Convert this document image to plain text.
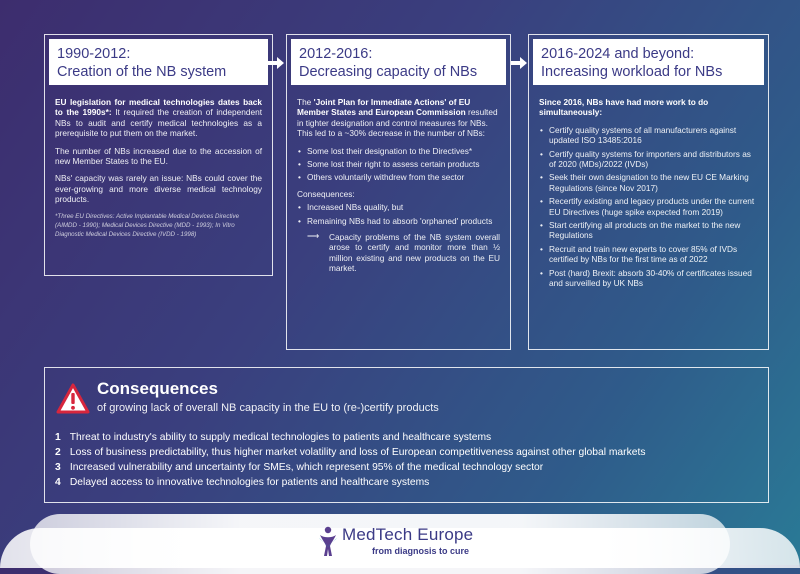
1990-2012:
Creation of the NB system

EU legislation for medical technologies dates back to the 1990s*: It required the creation of independent NBs to audit and certify medical technologies as a prerequisite to put them on the market.

The number of NBs increased due to the accession of new Member States to the EU.

NBs' capacity was rarely an issue: NBs could cover the ever-growing and more diverse medical technology products.

*Three EU Directives: Active Implantable Medical Devices Directive (AIMDD - 1990); Medical Devices Directive (MDD - 1993); In Vitro Diagnostic Medical Devices Directive (IVDD - 1998)

2012-2016:
Decreasing capacity of NBs

The 'Joint Plan for Immediate Actions' of EU Member States and European Commission resulted in tighter designation and control measures for NBs. This led to a ~30% decrease in the number of NBs:

• Some lost their designation to the Directives*
• Some lost their right to assess certain products
• Others voluntarily withdrew from the sector
Consequences:
• Increased NBs quality, but
• Remaining NBs had to absorb 'orphaned' products
⟶ Capacity problems of the NB system overall arose to certify and monitor more than ½ million existing and new products on the EU market.
2016-2024 and beyond:
Increasing workload for NBs

Since 2016, NBs have had more work to do simultaneously:

• Certify quality systems of all manufacturers against updated ISO 13485:2016
• Certify quality systems for importers and distributors as of 2020 (MDs)/2022 (IVDs)
• Seek their own designation to the new EU CE Marking Regulations (since Nov 2017)
• Recertify existing and legacy products under the current EU Directives (huge spike expected from 2019)
• Start certifying all products on the market to the new Regulations
• Recruit and train new experts to cover 85% of IVDs certified by NBs for the first time as of 2022
• Post (hard) Brexit: absorb 30-40% of certificates issued and surveilled by UK NBs
Consequences
of growing lack of overall NB capacity in the EU to (re-)certify products
1 Threat to industry's ability to supply medical technologies to patients and healthcare systems
2 Loss of business predictability, thus higher market volatility and loss of European competitiveness against other global markets
3 Increased vulnerability and uncertainty for SMEs, which represent 95% of the medical technology sector
4 Delayed access to innovative technologies for patients and healthcare systems
MedTech Europe
from diagnosis to cure
